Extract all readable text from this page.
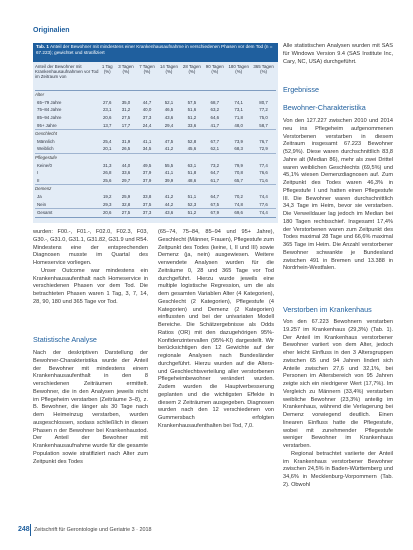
Originalien
Tab. 1 Anteil der Bewohner mit mindestens einer Krankenhausaufnahme in verschiedenen Phasen vor dem Tod (n = 67.223); gewichtet und stratifiziert
Anteil der Bewohner mit Krankenhausaufnahmen vor Tod im Zeitraum von	1 Tag (%)	3 Tagen (%)	7 Tagen (%)	14 Tagen (%)	28 Tagen (%)	90 Tagen (%)	180 Tagen (%)	365 Tagen (%)
Alter								
65–79 Jahre	27,6	35,0	44,7	52,1	57,5	68,7	74,1	80,7
75–84 Jahre	23,1	31,2	40,0	46,5	51,6	63,2	73,1	77,2
85–94 Jahre	20,6	27,5	37,3	43,6	51,2	64,6	71,8	75,0
95+ Jahre	13,7	17,7	24,4	29,4	33,6	41,7	48,0	58,7
Geschlecht								
Männlich	25,4	31,9	41,1	47,5	52,8	67,7	73,9	76,7
Weiblich	20,1	26,5	34,5	41,2	45,6	62,1	68,3	72,9
Pflegestufe								
Keine/0	31,3	44,0	49,5	55,5	63,1	73,2	79,9	77,4
I	26,8	33,6	37,9	41,1	51,8	64,7	70,8	76,6
II	25,6	29,7	37,9	39,9	48,6	61,7	65,7	71,6
Demenz								
Ja	19,2	25,9	33,8	41,2	51,1	64,7	70,2	74,4
Nein	29,3	32,8	37,5	44,2	52,3	67,5	74,8	77,6
Gesamt	20,6	27,5	37,3	43,6	51,2	67,9	69,6	74,4

Alle statistischen Analysen wurden mit SAS für Windows Version 9.4 (SAS Institute Inc, Cary, NC, USA) durchgeführt.

Ergebnisse
Bewohner-Charakteristika

Von den 127.227 zwischen 2010 und 2014 neu ins Pflegeheim aufgenommenen Verstorbenen verstarben in diesem Zeitraum insgesamt 67.223 Bewohner (52,9%). Diese waren durchschnittlich 83,8 Jahre alt (Median 86), mehr als zwei Drittel waren weiblichen Geschlechts (69,5%) und 45,1% wiesen Demenzdiagnosen auf. Zum Zeitpunkt des Todes waren 46,3% in Pflegestufe I und hatten einen Pflegestufe III. Die Bewohner waren durchschnittlich 34,3 Tage im Heim, bevor sie verstarben. Die Verweildauer lag jedoch im Median bei 180 Tagen rechtsschief. Insgesamt 17,4% der Verstorbenen waren zum Zeitpunkt des Todes maximal 28 Tage und 66,6% maximal 365 Tage im Heim. Die Anzahl verstorbener Bewohner schwankte je Bundesland zwischen 491 in Bremen und 13.388 in Nordrhein-Westfalen.

Verstorben im Krankenhaus

Von den 67.223 Bewohnern verstarben 19.257 im Krankenhaus (29,3%) (Tab. 1). Der Anteil im Krankenhaus verstorbener Bewohner variiert von dem Alter, jedoch eher leicht Einfluss in den 3 Altersgruppen zwischen 65 und 94 Jahren lindert sich Anteile zwischen 27,6 und 32,1%, bei Personen im Altersbereich von 95 Jahren zeigte sich ein niedrigerer Wert (17,7%). Im Vergleich zu Männern (33,4%) verstarben weibliche Bewohner (23,3%) anteilig im Krankenhaus, während die Verlagerung bei Demenz vorwiegend deutlich. Einen linearen Einfluss hatte die Pflegestufe, wobei mit zunehmender Pflegestufe weniger Bewohner im Krankenhaus verstarben.

Regional betrachtet variierte der Anteil im Krankenhaus verstorbener Bewohner zwischen 24,5% in Baden-Württemberg und 34,6% in Mecklenburg-Vorpommern (Tab. 2). Obwohl

wurden: F00.-, F01.-, F02.0, F02.3, F03, G30.-, G31.0, G31.1, G31.82, G31.9 und R54. Mindestens eine der entsprechenden Diagnosen musste im Quartal des Homeservice vorliegen.

Unser Outcome war mindestens ein Krankenhausaufenthalt nach Homeservice in verschiedenen Phasen vor dem Tod. Die betrachteten Phasen waren 1 Tag, 3, 7, 14, 28, 90, 180 und 365 Tage vor Tod.

Statistische Analyse

Nach der deskriptiven Darstellung der Bewohner-Charakteristika wurde der Anteil der Bewohner mit mindestens einem Krankenhausaufenthalt in den 8 verschiedenen Zeiträumen ermittelt. Bewohner, die in den Analysen jeweils nicht im Pflegeheim verstarben (Zeiträume 3–8), z. B. Bewohner, die länger als 30 Tage nach dem Heimeinzug verstarben, wurden ausgeschlossen, sodass schließlich in diesen Phasen n der Bewohner bei Krankenhaustod. Der Anteil der Bewohner mit Krankenhausaufnahme wurde für die gesamte Population sowie stratifiziert nach Alter zum Zeitpunkt des Todes

(65–74, 75–84, 85–94 und 95+ Jahre), Geschlecht (Männer, Frauen), Pflegestufe zum Zeitpunkt des Todes (keine, I, II und III) sowie Demenz (ja, nein) ausgewiesen. Weitere verwendete Analysen wurden für die Zeiträume 0, 28 und 365 Tage vor Tod durchgeführt. Hierzu wurde jeweils eine multiple logistische Regression, um die als dem gesamten Variablen Alter (4 Kategorien), Geschlecht (2 Kategorien), Pflegestufe (4 Kategorien) und Demenz (2 Kategorien) einflussten und bei der univariaten Modell Bereiche. Die Schätzergebnisse als Odds Ratios (OR) mit den dazugehörigen 95%-Konfidenzintervallen (95%-KI) dargestellt. Wir berücksichtigen den 12 Gewichte auf der regionale Analysen nach Bundesländer durchgeführt. Hierzu wurden auf die Alters- und Geschlechtsverteilung aller verstorbenen Pflegeheimbewohner verändert wurden. Zudem wurden die Hauptverbesserung geplanten und die wichtigsten Effekte in diesem 2 Zeiträumen ausgegeben. Diagnosen wurden nach den 12 verschiedenen von Gummersbach erfolgten Krankenhausaufenthalten bei Tod, 7,0.

248 Zeitschrift für Gerontologie und Geriatrie 3 · 2018
